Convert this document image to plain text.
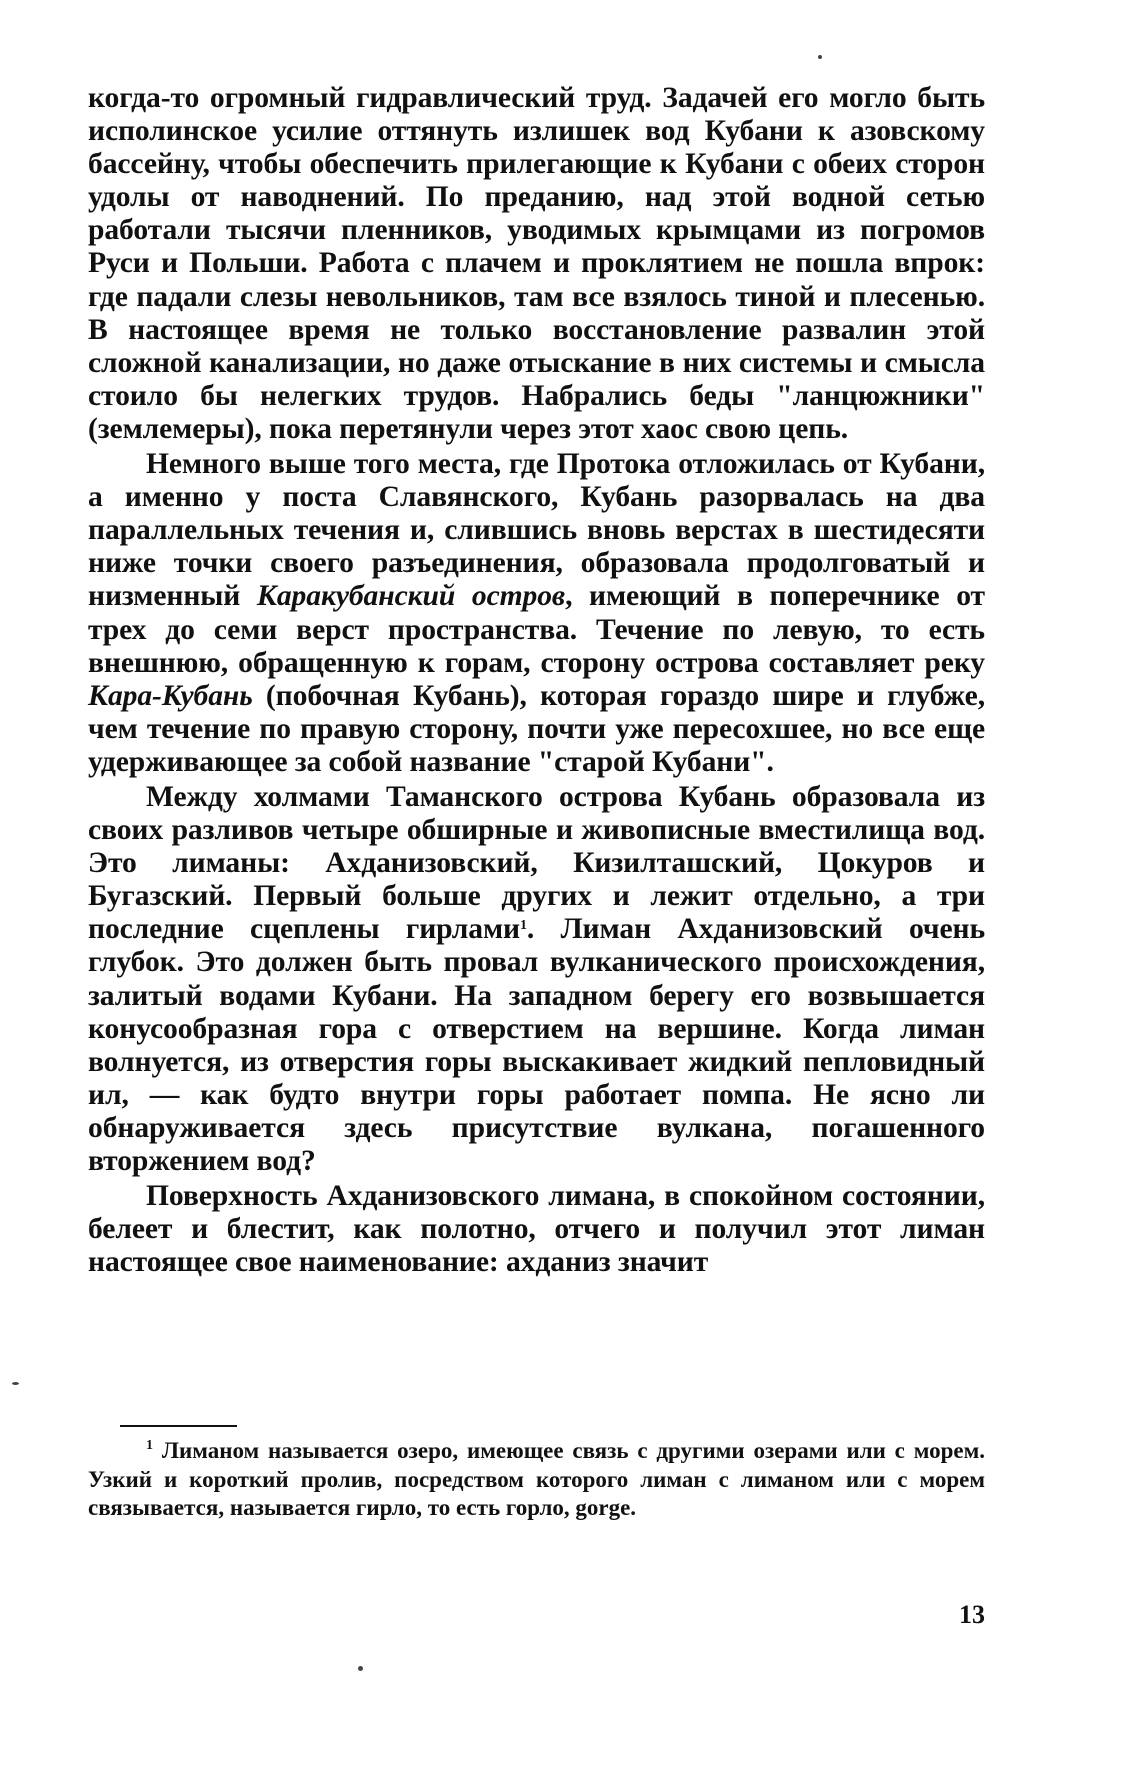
когда-то огромный гидравлический труд. Задачей его могло быть исполинское усилие оттянуть излишек вод Кубани к азовскому бассейну, чтобы обеспечить прилегающие к Кубани с обеих сторон удолы от наводнений. По преданию, над этой водной сетью работали тысячи пленников, уводимых крымцами из погромов Руси и Польши. Работа с плачем и проклятием не пошла впрок: где падали слезы невольников, там все взялось тиной и плесенью. В настоящее время не только восстановление развалин этой сложной канализации, но даже отыскание в них системы и смысла стоило бы нелегких трудов. Набрались беды "ланцюжники" (землемеры), пока перетянули через этот хаос свою цепь.

Немного выше того места, где Протока отложилась от Кубани, а именно у поста Славянского, Кубань разорвалась на два параллельных течения и, слившись вновь верстах в шестидесяти ниже точки своего разъединения, образовала продолговатый и низменный Каракубанский остров, имеющий в поперечнике от трех до семи верст пространства. Течение по левую, то есть внешнюю, обращенную к горам, сторону острова составляет реку Кара-Кубань (побочная Кубань), которая гораздо шире и глубже, чем течение по правую сторону, почти уже пересохшее, но все еще удерживающее за собой название "старой Кубани".

Между холмами Таманского острова Кубань образовала из своих разливов четыре обширные и живописные вместилища вод. Это лиманы: Ахданизовский, Кизилташский, Цокуров и Бугазский. Первый больше других и лежит отдельно, а три последние сцеплены гирлами$^1$. Лиман Ахданизовский очень глубок. Это должен быть провал вулканического происхождения, залитый водами Кубани. На западном берегу его возвышается конусообразная гора с отверстием на вершине. Когда лиман волнуется, из отверстия горы выскакивает жидкий пепловидный ил, — как будто внутри горы работает помпа. Не ясно ли обнаруживается здесь присутствие вулкана, погашенного вторжением вод?

Поверхность Ахданизовского лимана, в спокойном состоянии, белеет и блестит, как полотно, отчего и получил этот лиман настоящее свое наименование: ахданиз значит

$^1$ Лиманом называется озеро, имеющее связь с другими озерами или с морем. Узкий и короткий пролив, посредством которого лиман с лиманом или с морем связывается, называется гирло, то есть горло, gorge.

13
